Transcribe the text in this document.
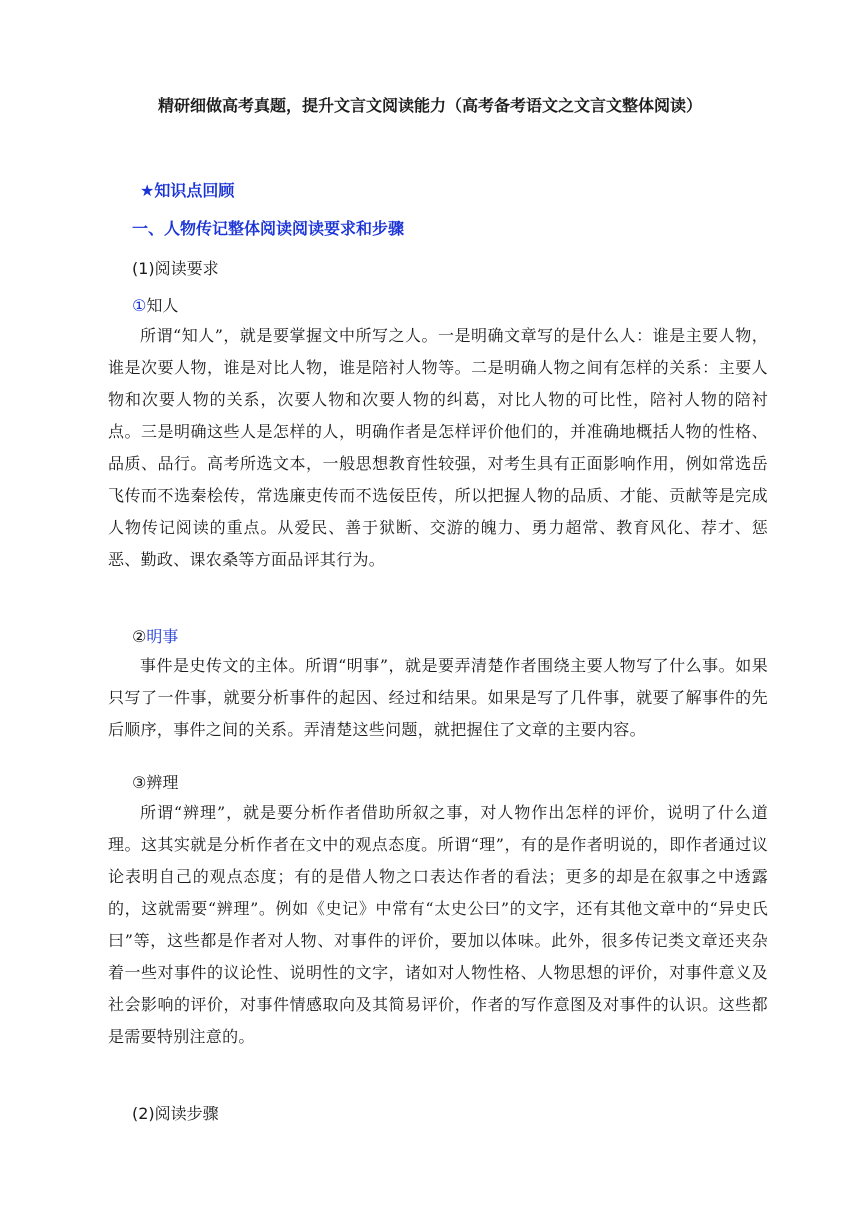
精研细做高考真题，提升文言文阅读能力（高考备考语文之文言文整体阅读）
★知识点回顾
一、人物传记整体阅读阅读要求和步骤
(1)阅读要求
①知人

所谓“知人”，就是要掌握文中所写之人。一是明确文章写的是什么人：谁是主要人物，谁是次要人物，谁是对比人物，谁是陪衬人物等。二是明确人物之间有怎样的关系：主要人物和次要人物的关系，次要人物和次要人物的纠葛，对比人物的可比性，陪衬人物的陪衬点。三是明确这些人是怎样的人，明确作者是怎样评价他们的，并准确地概括人物的性格、品质、品行。高考所选文本，一般思想教育性较强，对考生具有正面影响作用，例如常选岳飞传而不选秦桧传，常选廉吏传而不选佞臣传，所以把握人物的品质、才能、贡献等是完成人物传记阅读的重点。从爱民、善于狱断、交游的魄力、勇力超常、教育风化、荐才、惩恶、勤政、课农桑等方面品评其行为。

②明事

事件是史传文的主体。所谓“明事”，就是要弄清楚作者围绕主要人物写了什么事。如果只写了一件事，就要分析事件的起因、经过和结果。如果是写了几件事，就要了解事件的先后顺序，事件之间的关系。弄清楚这些问题，就把握住了文章的主要内容。

③辨理

所谓“辨理”，就是要分析作者借助所叙之事，对人物作出怎样的评价，说明了什么道理。这其实就是分析作者在文中的观点态度。所谓“理”，有的是作者明说的，即作者通过议论表明自己的观点态度；有的是借人物之口表达作者的看法；更多的却是在叙事之中透露的，这就需要“辨理”。例如《史记》中常有“太史公曰”的文字，还有其他文章中的“异史氏曰”等，这些都是作者对人物、对事件的评价，要加以体味。此外，很多传记类文章还夹杂着一些对事件的议论性、说明性的文字，诸如对人物性格、人物思想的评价，对事件意义及社会影响的评价，对事件情感取向及其简易评价，作者的写作意图及对事件的认识。这些都是需要特别注意的。

(2)阅读步骤
